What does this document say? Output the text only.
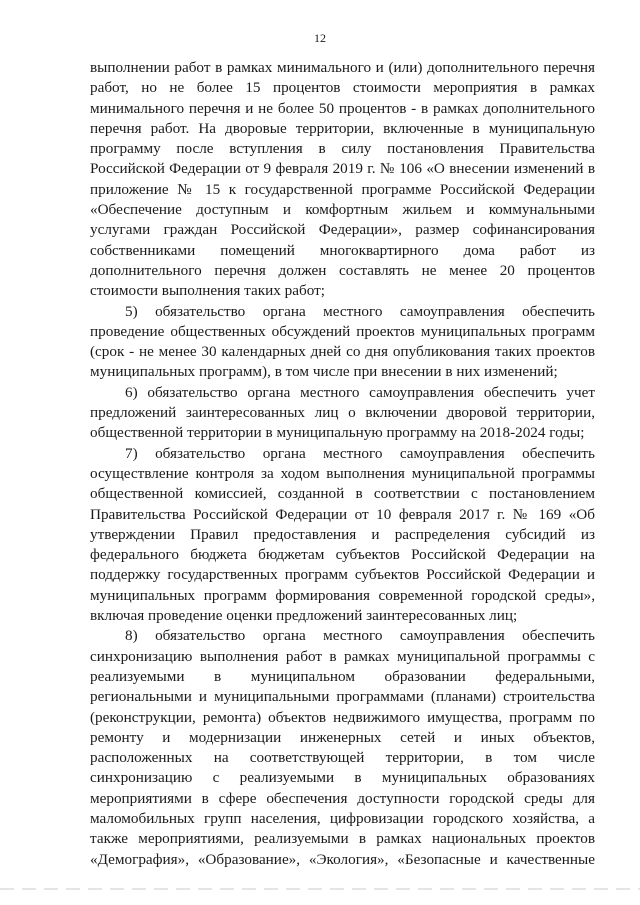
12
выполнении работ в рамках минимального и (или) дополнительного перечня
работ, но не более 15 процентов стоимости мероприятия в рамках
минимального перечня и не более 50 процентов - в рамках дополнительного
перечня работ. На дворовые территории, включенные в муниципальную
программу после вступления в силу постановления Правительства
Российской Федерации от 9 февраля 2019 г. № 106 «О внесении изменений в
приложение № 15 к государственной программе Российской Федерации
«Обеспечение доступным и комфортным жильем и коммунальными
услугами граждан Российской Федерации», размер софинансирования
собственниками помещений многоквартирного дома работ из
дополнительного перечня должен составлять не менее 20 процентов
стоимости выполнения таких работ;
5) обязательство органа местного самоуправления обеспечить
проведение общественных обсуждений проектов муниципальных программ
(срок - не менее 30 календарных дней со дня опубликования таких проектов
муниципальных программ), в том числе при внесении в них изменений;
6) обязательство органа местного самоуправления обеспечить учет
предложений заинтересованных лиц о включении дворовой территории,
общественной территории в муниципальную программу на 2018-2024 годы;
7) обязательство органа местного самоуправления обеспечить
осуществление контроля за ходом выполнения муниципальной программы
общественной комиссией, созданной в соответствии с постановлением
Правительства Российской Федерации от 10 февраля 2017 г. № 169 «Об
утверждении Правил предоставления и распределения субсидий из
федерального бюджета бюджетам субъектов Российской Федерации на
поддержку государственных программ субъектов Российской Федерации и
муниципальных программ формирования современной городской среды»,
включая проведение оценки предложений заинтересованных лиц;
8) обязательство органа местного самоуправления обеспечить
синхронизацию выполнения работ в рамках муниципальной программы с
реализуемыми в муниципальном образовании федеральными,
региональными и муниципальными программами (планами) строительства
(реконструкции, ремонта) объектов недвижимого имущества, программ по
ремонту и модернизации инженерных сетей и иных объектов,
расположенных на соответствующей территории, в том числе
синхронизацию с реализуемыми в муниципальных образованиях
мероприятиями в сфере обеспечения доступности городской среды для
маломобильных групп населения, цифровизации городского хозяйства, а
также мероприятиями, реализуемыми в рамках национальных проектов
«Демография», «Образование», «Экология», «Безопасные и качественные
